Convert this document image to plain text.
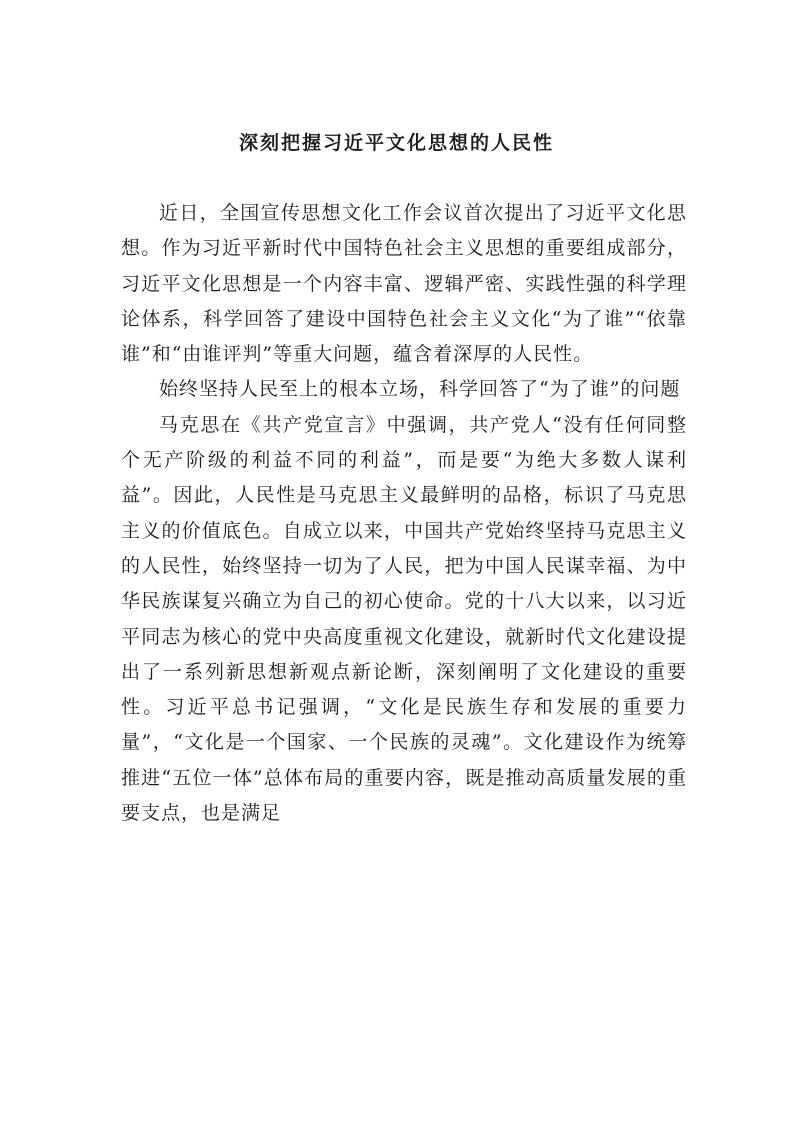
深刻把握习近平文化思想的人民性

近日，全国宣传思想文化工作会议首次提出了习近平文化思想。作为习近平新时代中国特色社会主义思想的重要组成部分，习近平文化思想是一个内容丰富、逻辑严密、实践性强的科学理论体系，科学回答了建设中国特色社会主义文化“为了谁”“依靠谁”和“由谁评判”等重大问题，蕴含着深厚的人民性。

始终坚持人民至上的根本立场，科学回答了“为了谁”的问题

马克思在《共产党宣言》中强调，共产党人“没有任何同整个无产阶级的利益不同的利益”，而是要“为绝大多数人谋利益”。因此，人民性是马克思主义最鲜明的品格，标识了马克思主义的价值底色。自成立以来，中国共产党始终坚持马克思主义的人民性，始终坚持一切为了人民，把为中国人民谋幸福、为中华民族谋复兴确立为自己的初心使命。党的十八大以来，以习近平同志为核心的党中央高度重视文化建设，就新时代文化建设提出了一系列新思想新观点新论断，深刻阐明了文化建设的重要性。习近平总书记强调，“文化是民族生存和发展的重要力量”，“文化是一个国家、一个民族的灵魂”。文化建设作为统筹推进“五位一体”总体布局的重要内容，既是推动高质量发展的重要支点，也是满足
